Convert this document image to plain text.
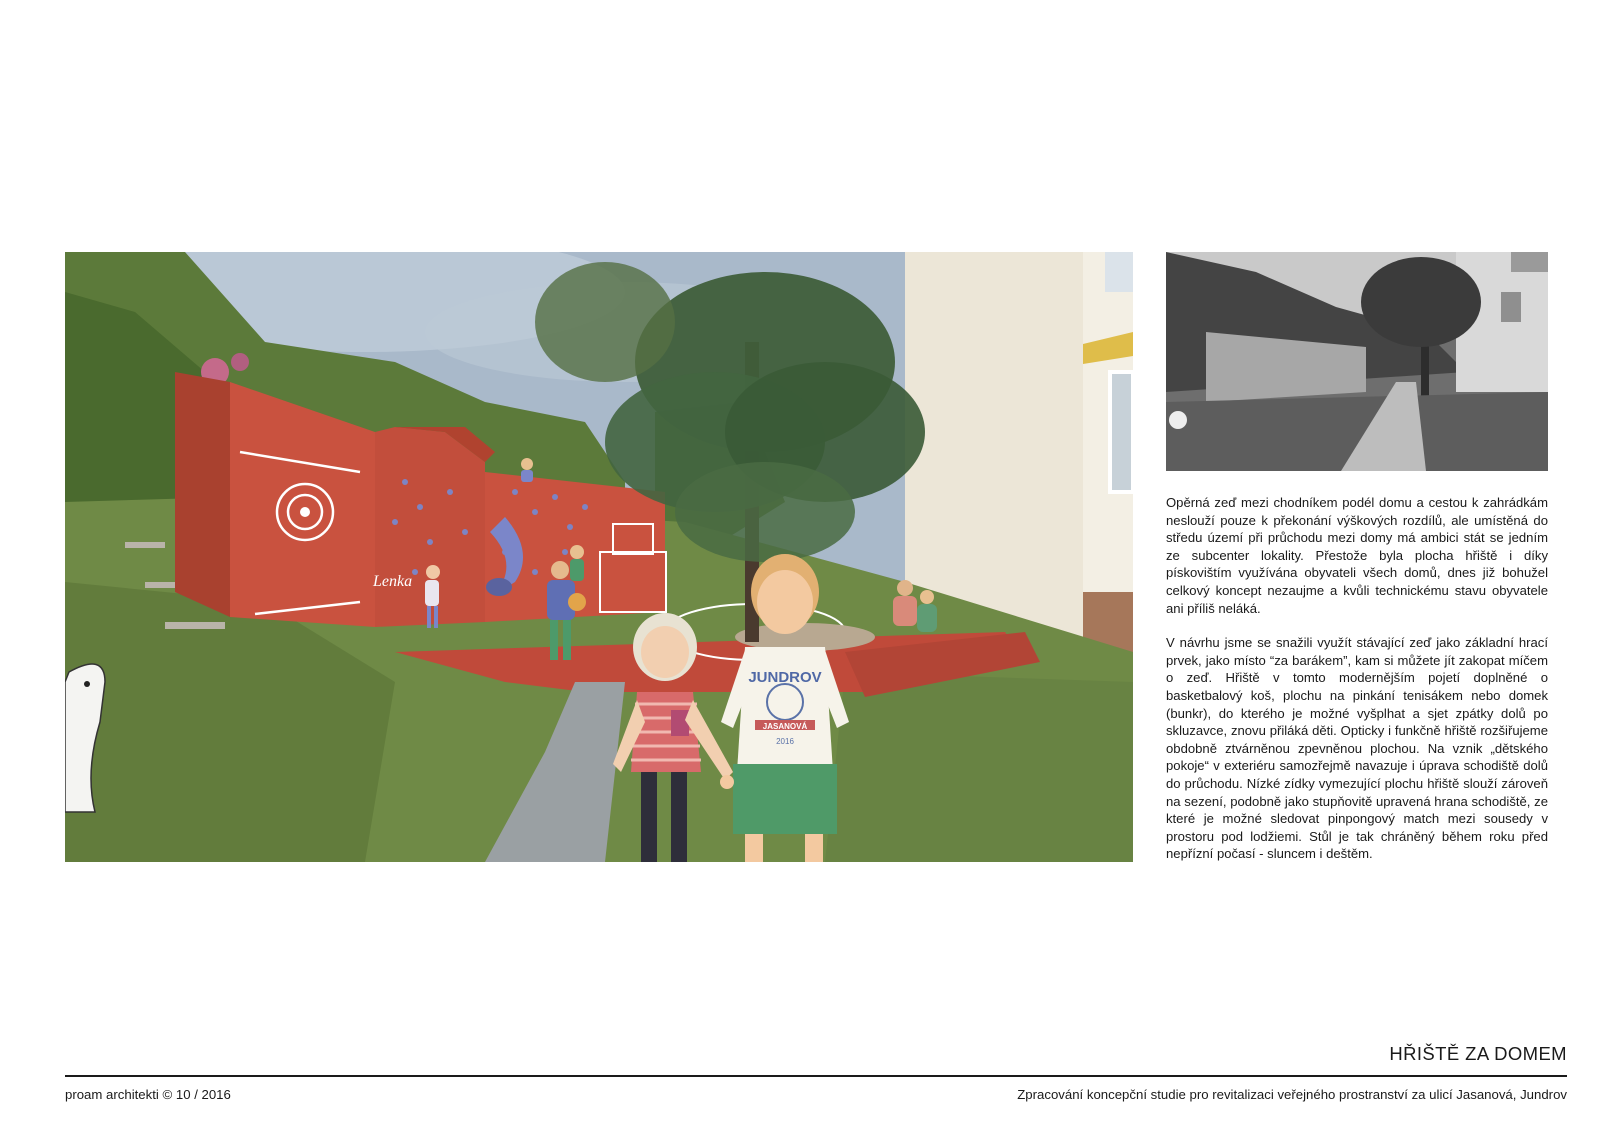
Lenka
JUNDROV
JASANOVÁ
2016

Opěrná zeď mezi chodníkem podél domu a cestou k zahrádkám neslouží pouze k překonání výškových rozdílů, ale umístěná do středu území při průchodu mezi domy má ambici stát se jedním ze subcenter lokality. Přestože byla plocha hřiště i díky pískovištím využívána obyvateli všech domů, dnes již bohužel celkový koncept nezaujme a kvůli technickému stavu obyvatele ani příliš neláká.

V návrhu jsme se snažili využít stávající zeď jako základní hrací prvek, jako místo “za barákem”, kam si můžete jít zakopat míčem o zeď. Hřiště v tomto modernějším pojetí doplněné o basketbalový koš, plochu na pinkání tenisákem nebo domek (bunkr), do kterého je možné vyšplhat a sjet zpátky dolů po skluzavce, znovu přiláká děti. Opticky i funkčně hřiště rozšiřujeme obdobně ztvárněnou zpevněnou plochou. Na vznik „dětského pokoje“ v exteriéru samozřejmě navazuje i úprava schodiště dolů do průchodu. Nízké zídky vymezující plochu hřiště slouží zároveň na sezení, podobně jako stupňovitě upravená hrana schodiště, ze které je možné sledovat pinpongový match mezi sousedy v prostoru pod lodžiemi. Stůl je tak chráněný během roku před nepřízní počasí - sluncem i deštěm.

HŘIŠTĚ ZA DOMEM
proam architekti © 10 / 2016	Zpracování koncepční studie pro revitalizaci veřejného prostranství za ulicí Jasanová, Jundrov
